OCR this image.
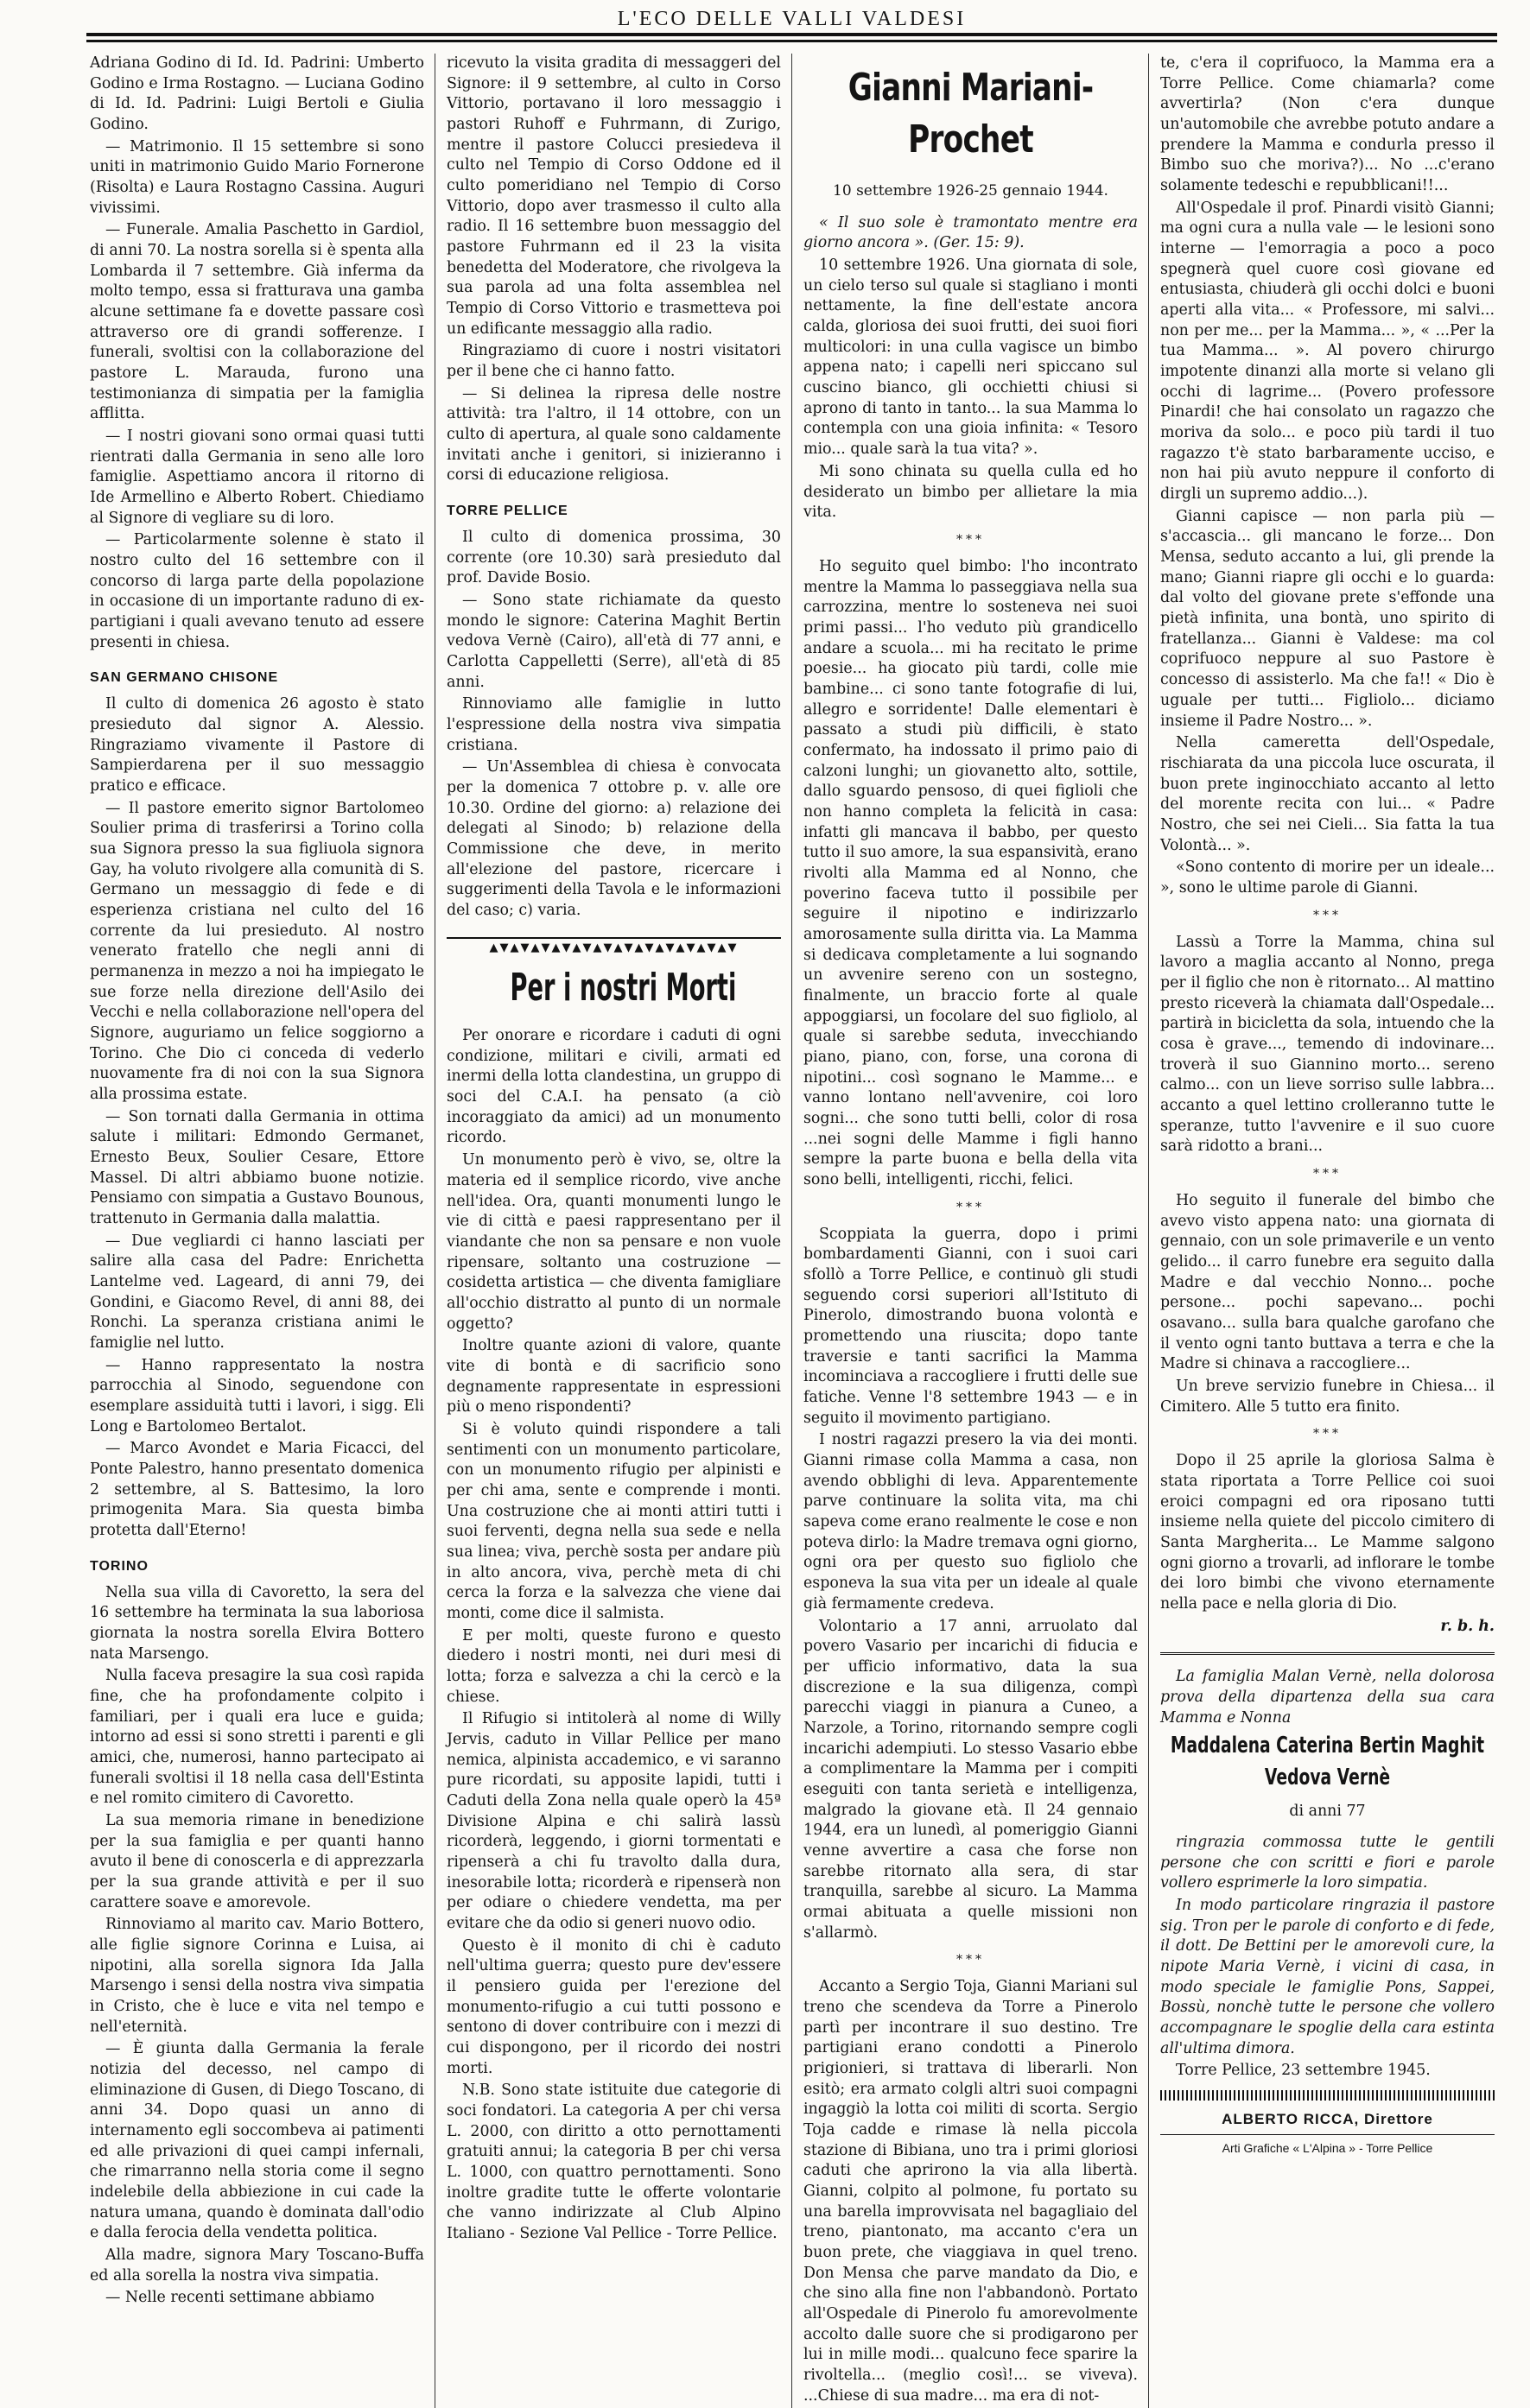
L'ECO DELLE VALLI VALDESI

Adriana Godino di Id. Id. Padrini: Umberto Godino e Irma Rostagno. — Luciana Godino di Id. Id. Padrini: Luigi Bertoli e Giulia Godino.

— Matrimonio. Il 15 settembre si sono uniti in matrimonio Guido Mario Fornerone (Risolta) e Laura Rostagno Cassina. Auguri vivissimi.

— Funerale. Amalia Paschetto in Gardiol, di anni 70. La nostra sorella si è spenta alla Lombarda il 7 settembre. Già inferma da molto tempo, essa si fratturava una gamba alcune settimane fa e dovette passare così attraverso ore di grandi sofferenze. I funerali, svoltisi con la collaborazione del pastore L. Marauda, furono una testimonianza di simpatia per la famiglia afflitta.

— I nostri giovani sono ormai quasi tutti rientrati dalla Germania in seno alle loro famiglie. Aspettiamo ancora il ritorno di Ide Armellino e Alberto Robert. Chiediamo al Signore di vegliare su di loro.

— Particolarmente solenne è stato il nostro culto del 16 settembre con il concorso di larga parte della popolazione in occasione di un importante raduno di ex-partigiani i quali avevano tenuto ad essere presenti in chiesa.

SAN GERMANO CHISONE

Il culto di domenica 26 agosto è stato presieduto dal signor A. Alessio. Ringraziamo vivamente il Pastore di Sampierdarena per il suo messaggio pratico e efficace.

— Il pastore emerito signor Bartolomeo Soulier prima di trasferirsi a Torino colla sua Signora presso la sua figliuola signora Gay, ha voluto rivolgere alla comunità di S. Germano un messaggio di fede e di esperienza cristiana nel culto del 16 corrente da lui presieduto. Al nostro venerato fratello che negli anni di permanenza in mezzo a noi ha impiegato le sue forze nella direzione dell'Asilo dei Vecchi e nella collaborazione nell'opera del Signore, auguriamo un felice soggiorno a Torino. Che Dio ci conceda di vederlo nuovamente fra di noi con la sua Signora alla prossima estate.

— Son tornati dalla Germania in ottima salute i militari: Edmondo Germanet, Ernesto Beux, Soulier Cesare, Ettore Massel. Di altri abbiamo buone notizie. Pensiamo con simpatia a Gustavo Bounous, trattenuto in Germania dalla malattia.

— Due vegliardi ci hanno lasciati per salire alla casa del Padre: Enrichetta Lantelme ved. Lageard, di anni 79, dei Gondini, e Giacomo Revel, di anni 88, dei Ronchi. La speranza cristiana animi le famiglie nel lutto.

— Hanno rappresentato la nostra parrocchia al Sinodo, seguendone con esemplare assiduità tutti i lavori, i sigg. Eli Long e Bartolomeo Bertalot.

— Marco Avondet e Maria Ficacci, del Ponte Palestro, hanno presentato domenica 2 settembre, al S. Battesimo, la loro primogenita Mara. Sia questa bimba protetta dall'Eterno!

TORINO

Nella sua villa di Cavoretto, la sera del 16 settembre ha terminata la sua laboriosa giornata la nostra sorella Elvira Bottero nata Marsengo.

Nulla faceva presagire la sua così rapida fine, che ha profondamente colpito i familiari, per i quali era luce e guida; intorno ad essi si sono stretti i parenti e gli amici, che, numerosi, hanno partecipato ai funerali svoltisi il 18 nella casa dell'Estinta e nel romito cimitero di Cavoretto.

La sua memoria rimane in benedizione per la sua famiglia e per quanti hanno avuto il bene di conoscerla e di apprezzarla per la sua grande attività e per il suo carattere soave e amorevole.

Rinnoviamo al marito cav. Mario Bottero, alle figlie signore Corinna e Luisa, ai nipotini, alla sorella signora Ida Jalla Marsengo i sensi della nostra viva simpatia in Cristo, che è luce e vita nel tempo e nell'eternità.

— È giunta dalla Germania la ferale notizia del decesso, nel campo di eliminazione di Gusen, di Diego Toscano, di anni 34. Dopo quasi un anno di internamento egli soccombeva ai patimenti ed alle privazioni di quei campi infernali, che rimarranno nella storia come il segno indelebile della abbiezione in cui cade la natura umana, quando è dominata dall'odio e dalla ferocia della vendetta politica.

Alla madre, signora Mary Toscano-Buffa ed alla sorella la nostra viva simpatia.

— Nelle recenti settimane abbiamo

ricevuto la visita gradita di messaggeri del Signore: il 9 settembre, al culto in Corso Vittorio, portavano il loro messaggio i pastori Ruhoff e Fuhrmann, di Zurigo, mentre il pastore Colucci presiedeva il culto nel Tempio di Corso Oddone ed il culto pomeridiano nel Tempio di Corso Vittorio, dopo aver trasmesso il culto alla radio. Il 16 settembre buon messaggio del pastore Fuhrmann ed il 23 la visita benedetta del Moderatore, che rivolgeva la sua parola ad una folta assemblea nel Tempio di Corso Vittorio e trasmetteva poi un edificante messaggio alla radio.

Ringraziamo di cuore i nostri visitatori per il bene che ci hanno fatto.

— Si delinea la ripresa delle nostre attività: tra l'altro, il 14 ottobre, con un culto di apertura, al quale sono caldamente invitati anche i genitori, si inizieranno i corsi di educazione religiosa.

TORRE PELLICE

Il culto di domenica prossima, 30 corrente (ore 10.30) sarà presieduto dal prof. Davide Bosio.

— Sono state richiamate da questo mondo le signore: Caterina Maghit Bertin vedova Vernè (Cairo), all'età di 77 anni, e Carlotta Cappelletti (Serre), all'età di 85 anni.

Rinnoviamo alle famiglie in lutto l'espressione della nostra viva simpatia cristiana.

— Un'Assemblea di chiesa è convocata per la domenica 7 ottobre p. v. alle ore 10.30. Ordine del giorno: a) relazione dei delegati al Sinodo; b) relazione della Commissione che deve, in merito all'elezione del pastore, ricercare i suggerimenti della Tavola e le informazioni del caso; c) varia.

▲▼▲▼▲▼▲▼▲▼▲▼▲▼▲▼▲▼▲▼▲▼▲▼
Per i nostri Morti

Per onorare e ricordare i caduti di ogni condizione, militari e civili, armati ed inermi della lotta clandestina, un gruppo di soci del C.A.I. ha pensato (a ciò incoraggiato da amici) ad un monumento ricordo.

Un monumento però è vivo, se, oltre la materia ed il semplice ricordo, vive anche nell'idea. Ora, quanti monumenti lungo le vie di città e paesi rappresentano per il viandante che non sa pensare e non vuole ripensare, soltanto una costruzione — cosidetta artistica — che diventa famigliare all'occhio distratto al punto di un normale oggetto?

Inoltre quante azioni di valore, quante vite di bontà e di sacrificio sono degnamente rappresentate in espressioni più o meno rispondenti?

Si è voluto quindi rispondere a tali sentimenti con un monumento particolare, con un monumento rifugio per alpinisti e per chi ama, sente e comprende i monti. Una costruzione che ai monti attiri tutti i suoi ferventi, degna nella sua sede e nella sua linea; viva, perchè sosta per andare più in alto ancora, viva, perchè meta di chi cerca la forza e la salvezza che viene dai monti, come dice il salmista.

E per molti, queste furono e questo diedero i nostri monti, nei duri mesi di lotta; forza e salvezza a chi la cercò e la chiese.

Il Rifugio si intitolerà al nome di Willy Jervis, caduto in Villar Pellice per mano nemica, alpinista accademico, e vi saranno pure ricordati, su apposite lapidi, tutti i Caduti della Zona nella quale operò la 45ª Divisione Alpina e chi salirà lassù ricorderà, leggendo, i giorni tormentati e ripenserà a chi fu travolto dalla dura, inesorabile lotta; ricorderà e ripenserà non per odiare o chiedere vendetta, ma per evitare che da odio si generi nuovo odio.

Questo è il monito di chi è caduto nell'ultima guerra; questo pure dev'essere il pensiero guida per l'erezione del monumento-rifugio a cui tutti possono e sentono di dover contribuire con i mezzi di cui dispongono, per il ricordo dei nostri morti.

N.B. Sono state istituite due categorie di soci fondatori. La categoria A per chi versa L. 2000, con diritto a otto pernottamenti gratuiti annui; la categoria B per chi versa L. 1000, con quattro pernottamenti. Sono inoltre gradite tutte le offerte volontarie che vanno indirizzate al Club Alpino Italiano - Sezione Val Pellice - Torre Pellice.

Gianni Mariani-Prochet
10 settembre 1926-25 gennaio 1944.

« Il suo sole è tramontato mentre era giorno ancora ». (Ger. 15: 9).

10 settembre 1926. Una giornata di sole, un cielo terso sul quale si stagliano i monti nettamente, la fine dell'estate ancora calda, gloriosa dei suoi frutti, dei suoi fiori multicolori: in una culla vagisce un bimbo appena nato; i capelli neri spiccano sul cuscino bianco, gli occhietti chiusi si aprono di tanto in tanto... la sua Mamma lo contempla con una gioia infinita: « Tesoro mio... quale sarà la tua vita? ».

Mi sono chinata su quella culla ed ho desiderato un bimbo per allietare la mia vita.

***

Ho seguito quel bimbo: l'ho incontrato mentre la Mamma lo passeggiava nella sua carrozzina, mentre lo sosteneva nei suoi primi passi... l'ho veduto più grandicello andare a scuola... mi ha recitato le prime poesie... ha giocato più tardi, colle mie bambine... ci sono tante fotografie di lui, allegro e sorridente! Dalle elementari è passato a studi più difficili, è stato confermato, ha indossato il primo paio di calzoni lunghi; un giovanetto alto, sottile, dallo sguardo pensoso, di quei figlioli che non hanno completa la felicità in casa: infatti gli mancava il babbo, per questo tutto il suo amore, la sua espansività, erano rivolti alla Mamma ed al Nonno, che poverino faceva tutto il possibile per seguire il nipotino e indirizzarlo amorosamente sulla diritta via. La Mamma si dedicava completamente a lui sognando un avvenire sereno con un sostegno, finalmente, un braccio forte al quale appoggiarsi, un focolare del suo figliolo, al quale si sarebbe seduta, invecchiando piano, piano, con, forse, una corona di nipotini... così sognano le Mamme... e vanno lontano nell'avvenire, coi loro sogni... che sono tutti belli, color di rosa ...nei sogni delle Mamme i figli hanno sempre la parte buona e bella della vita sono belli, intelligenti, ricchi, felici.

***

Scoppiata la guerra, dopo i primi bombardamenti Gianni, con i suoi cari sfollò a Torre Pellice, e continuò gli studi seguendo corsi superiori all'Istituto di Pinerolo, dimostrando buona volontà e promettendo una riuscita; dopo tante traversie e tanti sacrifici la Mamma incominciava a raccogliere i frutti delle sue fatiche. Venne l'8 settembre 1943 — e in seguito il movimento partigiano.

I nostri ragazzi presero la via dei monti. Gianni rimase colla Mamma a casa, non avendo obblighi di leva. Apparentemente parve continuare la solita vita, ma chi sapeva come erano realmente le cose e non poteva dirlo: la Madre tremava ogni giorno, ogni ora per questo suo figliolo che esponeva la sua vita per un ideale al quale già fermamente credeva.

Volontario a 17 anni, arruolato dal povero Vasario per incarichi di fiducia e per ufficio informativo, data la sua discrezione e la sua diligenza, compì parecchi viaggi in pianura a Cuneo, a Narzole, a Torino, ritornando sempre cogli incarichi adempiuti. Lo stesso Vasario ebbe a complimentare la Mamma per i compiti eseguiti con tanta serietà e intelligenza, malgrado la giovane età. Il 24 gennaio 1944, era un lunedì, al pomeriggio Gianni venne avvertire a casa che forse non sarebbe ritornato alla sera, di star tranquilla, sarebbe al sicuro. La Mamma ormai abituata a quelle missioni non s'allarmò.

***

Accanto a Sergio Toja, Gianni Mariani sul treno che scendeva da Torre a Pinerolo partì per incontrare il suo destino. Tre partigiani erano condotti a Pinerolo prigionieri, si trattava di liberarli. Non esitò; era armato colgli altri suoi compagni ingaggiò la lotta coi militi di scorta. Sergio Toja cadde e rimase là nella piccola stazione di Bibiana, uno tra i primi gloriosi caduti che aprirono la via alla libertà. Gianni, colpito al polmone, fu portato su una barella improvvisata nel bagagliaio del treno, piantonato, ma accanto c'era un buon prete, che viaggiava in quel treno. Don Mensa che parve mandato da Dio, e che sino alla fine non l'abbandonò. Portato all'Ospedale di Pinerolo fu amorevolmente accolto dalle suore che si prodigarono per lui in mille modi... qualcuno fece sparire la rivoltella... (meglio così!... se viveva). ...Chiese di sua madre... ma era di not-

te, c'era il coprifuoco, la Mamma era a Torre Pellice. Come chiamarla? come avvertirla? (Non c'era dunque un'automobile che avrebbe potuto andare a prendere la Mamma e condurla presso il Bimbo suo che moriva?)... No ...c'erano solamente tedeschi e repubblicani!!...

All'Ospedale il prof. Pinardi visitò Gianni; ma ogni cura a nulla vale — le lesioni sono interne — l'emorragia a poco a poco spegnerà quel cuore così giovane ed entusiasta, chiuderà gli occhi dolci e buoni aperti alla vita... « Professore, mi salvi... non per me... per la Mamma... », « ...Per la tua Mamma... ». Al povero chirurgo impotente dinanzi alla morte si velano gli occhi di lagrime... (Povero professore Pinardi! che hai consolato un ragazzo che moriva da solo... e poco più tardi il tuo ragazzo t'è stato barbaramente ucciso, e non hai più avuto neppure il conforto di dirgli un supremo addio...).

Gianni capisce — non parla più — s'accascia... gli mancano le forze... Don Mensa, seduto accanto a lui, gli prende la mano; Gianni riapre gli occhi e lo guarda: dal volto del giovane prete s'effonde una pietà infinita, una bontà, uno spirito di fratellanza... Gianni è Valdese: ma col coprifuoco neppure al suo Pastore è concesso di assisterlo. Ma che fa!! « Dio è uguale per tutti... Figliolo... diciamo insieme il Padre Nostro... ».

Nella cameretta dell'Ospedale, rischiarata da una piccola luce oscurata, il buon prete inginocchiato accanto al letto del morente recita con lui... « Padre Nostro, che sei nei Cieli... Sia fatta la tua Volontà... ».

«Sono contento di morire per un ideale... », sono le ultime parole di Gianni.

***

Lassù a Torre la Mamma, china sul lavoro a maglia accanto al Nonno, prega per il figlio che non è ritornato... Al mattino presto riceverà la chiamata dall'Ospedale... partirà in bicicletta da sola, intuendo che la cosa è grave..., temendo di indovinare... troverà il suo Giannino morto... sereno calmo... con un lieve sorriso sulle labbra... accanto a quel lettino crolleranno tutte le speranze, tutto l'avvenire e il suo cuore sarà ridotto a brani...

***

Ho seguito il funerale del bimbo che avevo visto appena nato: una giornata di gennaio, con un sole primaverile e un vento gelido... il carro funebre era seguito dalla Madre e dal vecchio Nonno... poche persone... pochi sapevano... pochi osavano... sulla bara qualche garofano che il vento ogni tanto buttava a terra e che la Madre si chinava a raccogliere...

Un breve servizio funebre in Chiesa... il Cimitero. Alle 5 tutto era finito.

***

Dopo il 25 aprile la gloriosa Salma è stata riportata a Torre Pellice coi suoi eroici compagni ed ora riposano tutti insieme nella quiete del piccolo cimitero di Santa Margherita... Le Mamme salgono ogni giorno a trovarli, ad inflorare le tombe dei loro bimbi che vivono eternamente nella pace e nella gloria di Dio.

r. b. h.

La famiglia Malan Vernè, nella dolorosa prova della dipartenza della sua cara Mamma e Nonna

Maddalena Caterina Bertin Maghit
Vedova Vernè
di anni 77

ringrazia commossa tutte le gentili persone che con scritti e fiori e parole vollero esprimerle la loro simpatia.

In modo particolare ringrazia il pastore sig. Tron per le parole di conforto e di fede, il dott. De Bettini per le amorevoli cure, la nipote Maria Vernè, i vicini di casa, in modo speciale le famiglie Pons, Sappei, Bossù, nonchè tutte le persone che vollero accompagnare le spoglie della cara estinta all'ultima dimora.

Torre Pellice, 23 settembre 1945.

ALBERTO RICCA, Direttore
Arti Grafiche « L'Alpina » - Torre Pellice
